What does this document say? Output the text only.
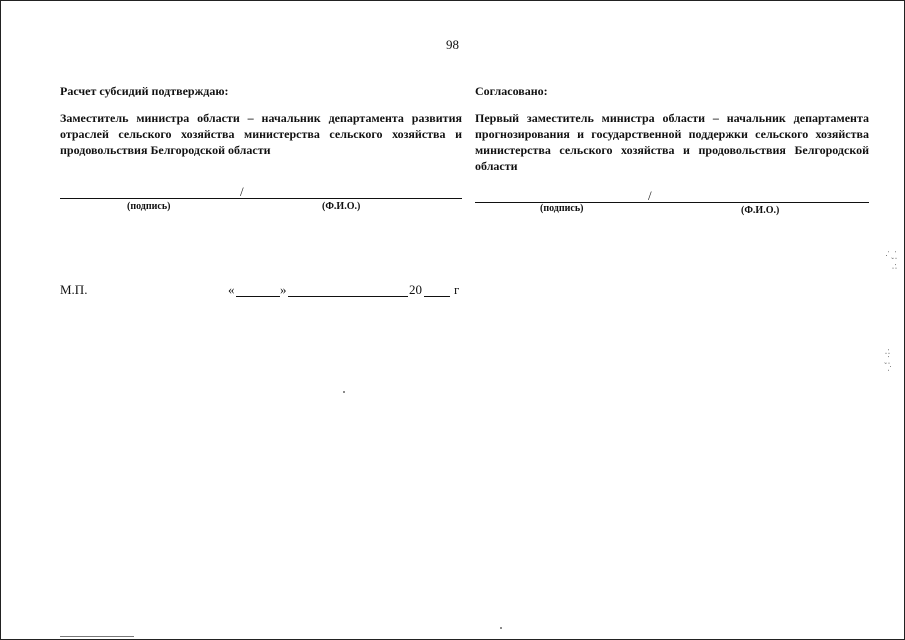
98
Расчет субсидий подтверждаю:
Заместитель министра области – начальник департамента развития отраслей сельского хозяйства министерства сельского хозяйства и продовольствия Белгородской области
/
(подпись)	(Ф.И.О.)
Согласовано:
Первый заместитель министра области – начальник департамента прогнозирования и государственной поддержки сельского хозяйства министерства сельского хозяйства и продовольствия Белгородской области
/
(подпись)	(Ф.И.О.)
М.П.	«	»	20 г
· ; ·: ˙·
·:· ;˙·
